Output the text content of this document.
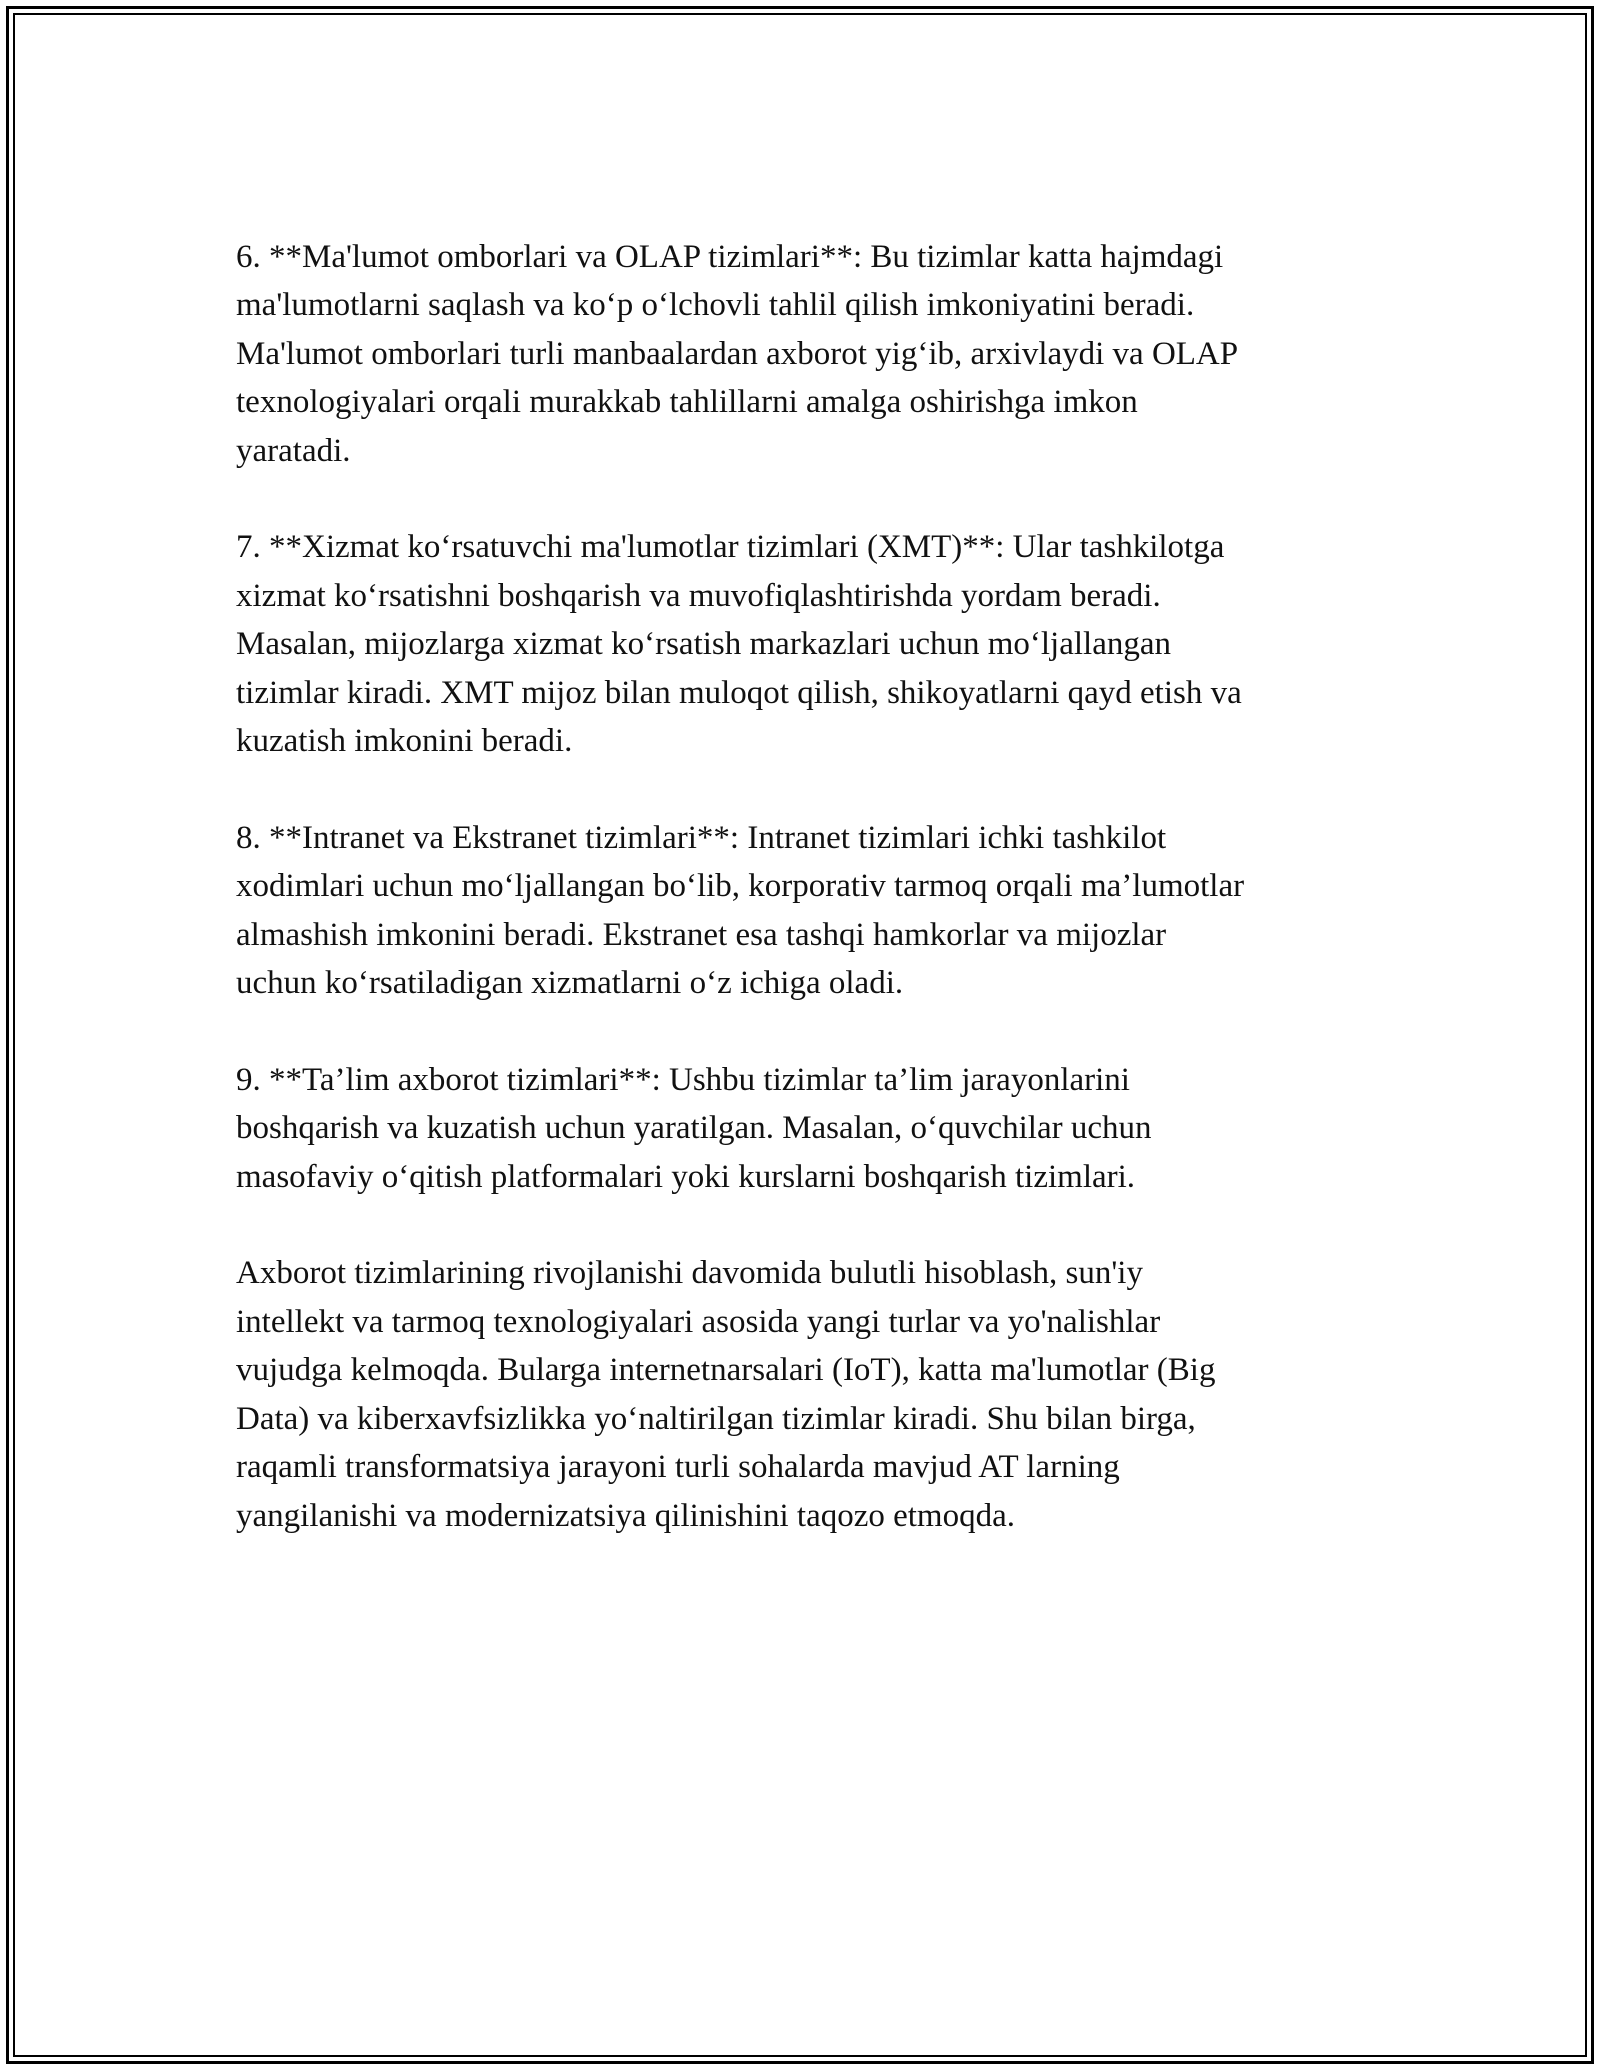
6. **Ma'lumot omborlari va OLAP tizimlari**: Bu tizimlar katta hajmdagi
ma'lumotlarni saqlash va koʻp oʻlchovli tahlil qilish imkoniyatini beradi.
Ma'lumot omborlari turli manbaalardan axborot yigʻib, arxivlaydi va OLAP
texnologiyalari orqali murakkab tahlillarni amalga oshirishga imkon
yaratadi.

7. **Xizmat koʻrsatuvchi ma'lumotlar tizimlari (XMT)**: Ular tashkilotga
xizmat koʻrsatishni boshqarish va muvofiqlashtirishda yordam beradi.
Masalan, mijozlarga xizmat koʻrsatish markazlari uchun moʻljallangan
tizimlar kiradi. XMT mijoz bilan muloqot qilish, shikoyatlarni qayd etish va
kuzatish imkonini beradi.

8. **Intranet va Ekstranet tizimlari**: Intranet tizimlari ichki tashkilot
xodimlari uchun moʻljallangan boʻlib, korporativ tarmoq orqali ma’lumotlar
almashish imkonini beradi. Ekstranet esa tashqi hamkorlar va mijozlar
uchun koʻrsatiladigan xizmatlarni oʻz ichiga oladi.

9. **Ta’lim axborot tizimlari**: Ushbu tizimlar ta’lim jarayonlarini
boshqarish va kuzatish uchun yaratilgan. Masalan, oʻquvchilar uchun
masofaviy oʻqitish platformalari yoki kurslarni boshqarish tizimlari.

Axborot tizimlarining rivojlanishi davomida bulutli hisoblash, sun'iy
intellekt va tarmoq texnologiyalari asosida yangi turlar va yo'nalishlar
vujudga kelmoqda. Bularga internetnarsalari (IoT), katta ma'lumotlar (Big
Data) va kiberxavfsizlikka yoʻnaltirilgan tizimlar kiradi. Shu bilan birga,
raqamli transformatsiya jarayoni turli sohalarda mavjud AT larning
yangilanishi va modernizatsiya qilinishini taqozo etmoqda.
